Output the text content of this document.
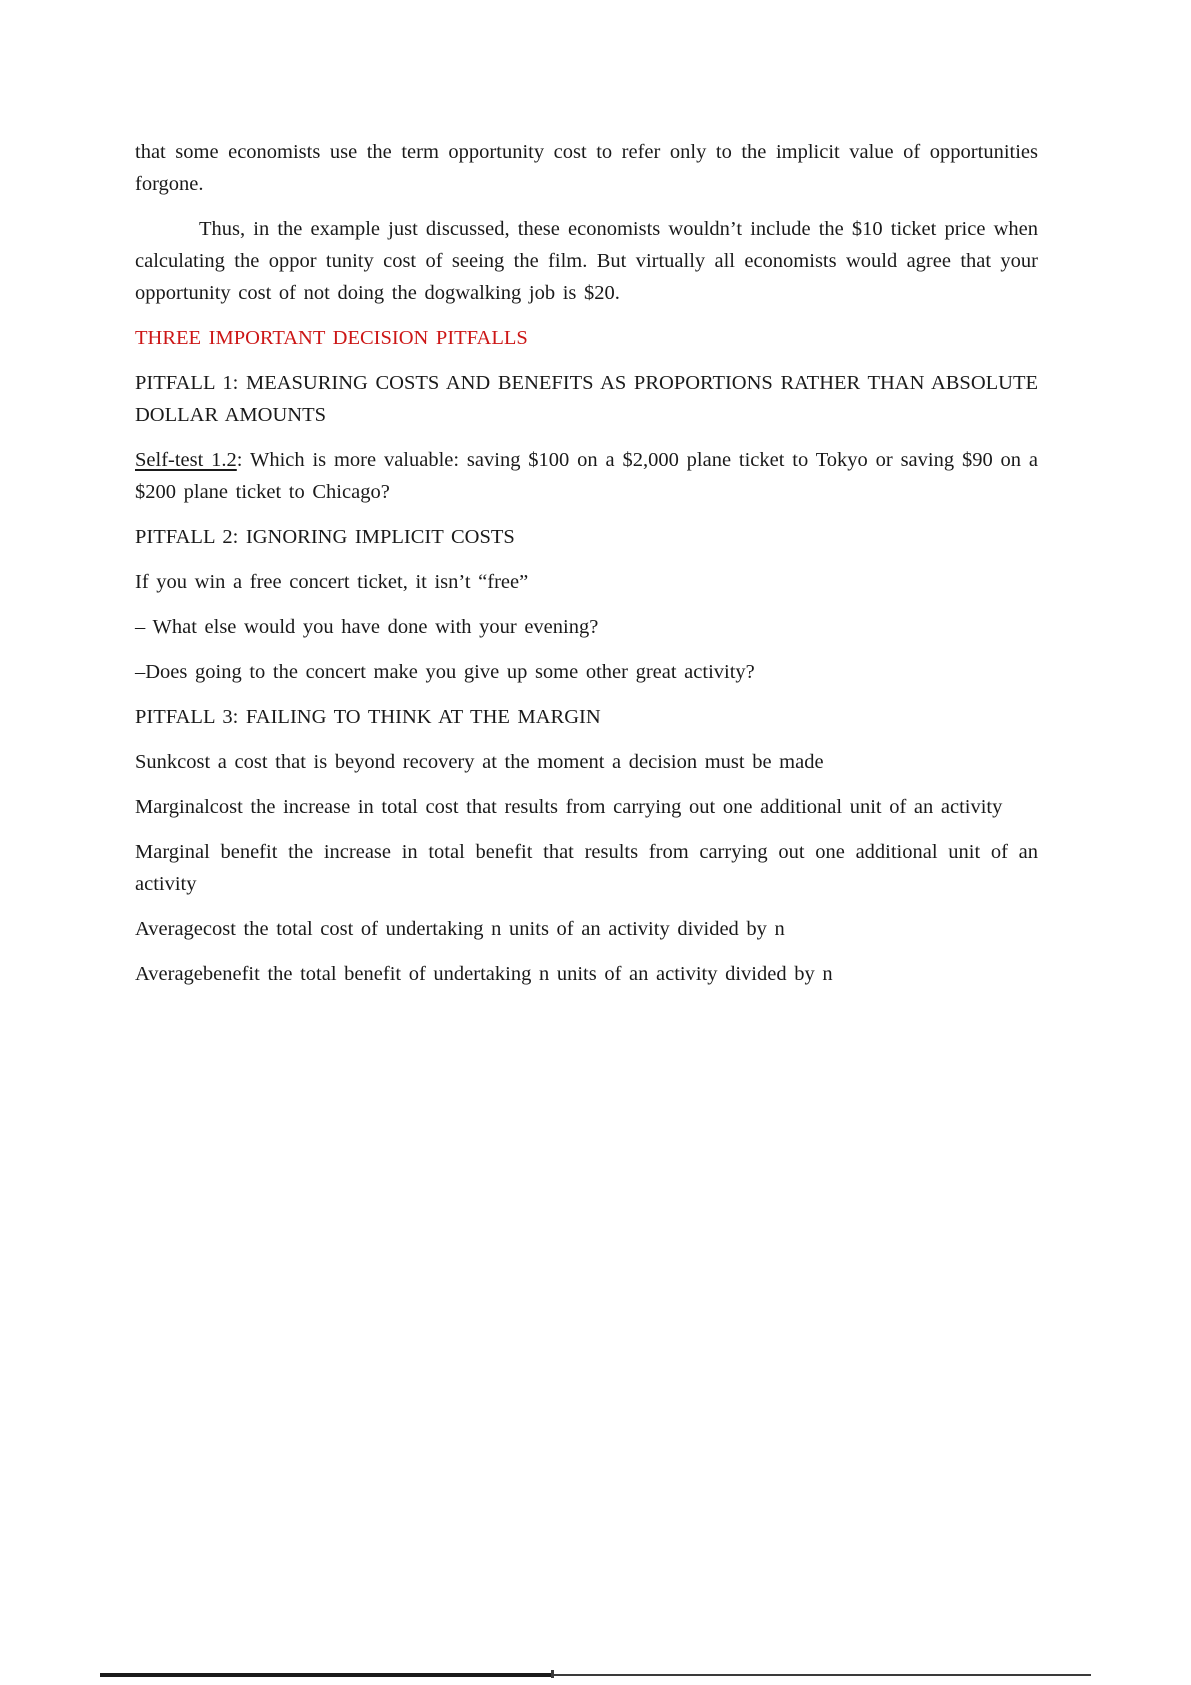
that some economists use the term opportunity cost to refer only to the implicit value of opportunities forgone.

Thus, in the example just discussed, these economists wouldn’t include the $10 ticket price when calculating the oppor tunity cost of seeing the film. But virtually all economists would agree that your opportunity cost of not doing the dogwalking job is $20.

THREE IMPORTANT DECISION PITFALLS

PITFALL 1: MEASURING COSTS AND BENEFITS AS PROPORTIONS RATHER THAN ABSOLUTE DOLLAR AMOUNTS

Self-test 1.2: Which is more valuable: saving $100 on a $2,000 plane ticket to Tokyo or saving $90 on a $200 plane ticket to Chicago?

PITFALL 2: IGNORING IMPLICIT COSTS

If you win a free concert ticket, it isn’t “free”

– What else would you have done with your evening?

–Does going to the concert make you give up some other great activity?

PITFALL 3: FAILING TO THINK AT THE MARGIN

Sunkcost a cost that is beyond recovery at the moment a decision must be made

Marginalcost the increase in total cost that results from carrying out one additional unit of an activity

Marginal benefit the increase in total benefit that results from carrying out one additional unit of an activity

Averagecost the total cost of undertaking n units of an activity divided by n

Averagebenefit the total benefit of undertaking n units of an activity divided by n
